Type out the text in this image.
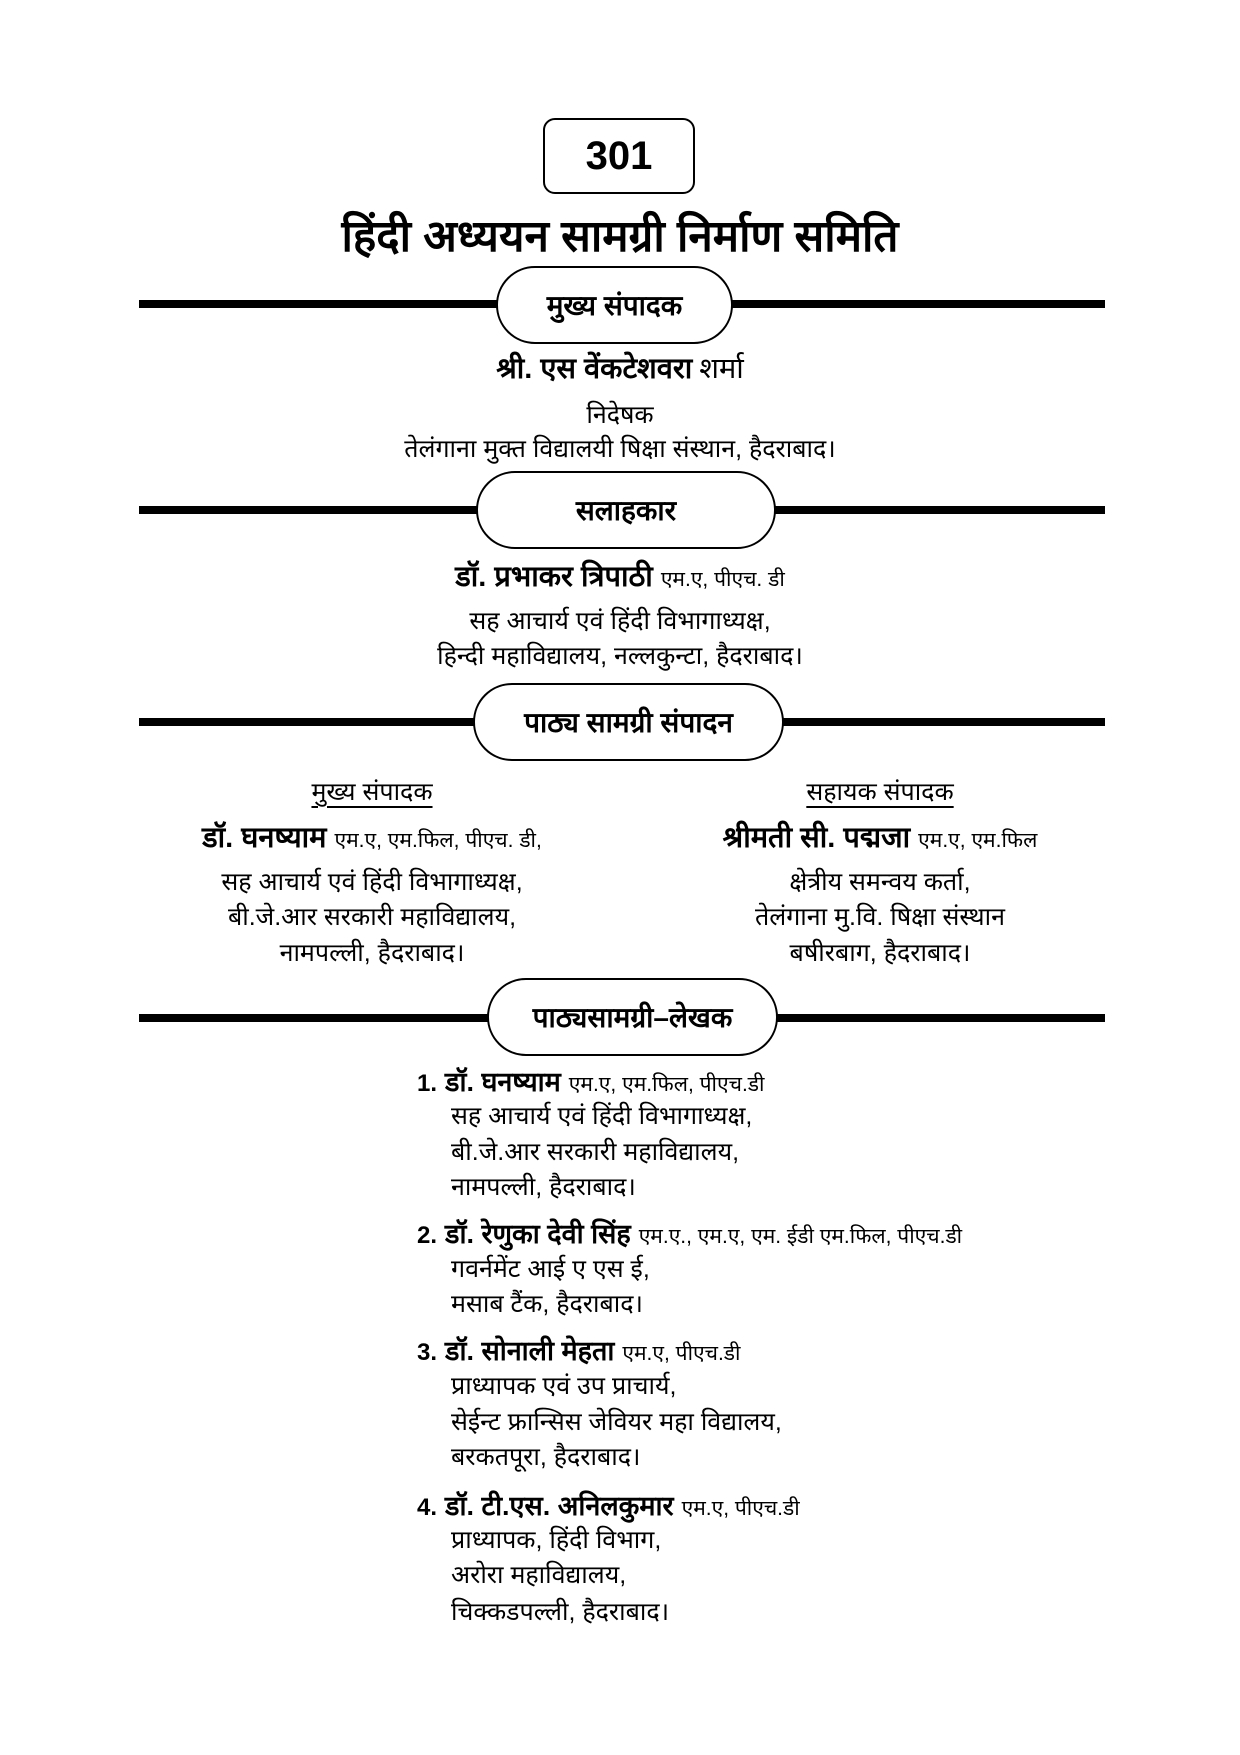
301
हिंदी अध्ययन सामग्री निर्माण समिति
मुख्य संपादक
श्री. एस वेंकटेशवरा शर्मा
निदेषक
तेलंगाना मुक्त विद्यालयी षिक्षा संस्थान, हैदराबाद।
सलाहकार
डॉ. प्रभाकर त्रिपाठी एम.ए, पीएच. डी
सह आचार्य एवं हिंदी विभागाध्यक्ष,
हिन्दी महाविद्यालय, नल्लकुन्टा, हैदराबाद।
पाठ्य सामग्री संपादन
मुख्य संपादक
डॉ. घनष्याम एम.ए, एम.फिल, पीएच. डी,
सह आचार्य एवं हिंदी विभागाध्यक्ष,
बी.जे.आर सरकारी महाविद्यालय,
नामपल्ली, हैदराबाद।
सहायक संपादक
श्रीमती सी. पद्मजा एम.ए, एम.फिल
क्षेत्रीय समन्वय कर्ता,
तेलंगाना मु.वि. षिक्षा संस्थान
बषीरबाग, हैदराबाद।
पाठ्यसामग्री–लेखक
1. डॉ. घनष्याम एम.ए, एम.फिल, पीएच.डी
सह आचार्य एवं हिंदी विभागाध्यक्ष,
बी.जे.आर सरकारी महाविद्यालय,
नामपल्ली, हैदराबाद।
2. डॉ. रेणुका देवी सिंह एम.ए., एम.ए, एम. ईडी एम.फिल, पीएच.डी
गवर्नमेंट आई ए एस ई,
मसाब टैंक, हैदराबाद।
3. डॉ. सोनाली मेहता एम.ए, पीएच.डी
प्राध्यापक एवं उप प्राचार्य,
सेईन्ट फ्रान्सिस जेवियर महा विद्यालय,
बरकतपूरा, हैदराबाद।
4. डॉ. टी.एस. अनिलकुमार एम.ए, पीएच.डी
प्राध्यापक, हिंदी विभाग,
अरोरा महाविद्यालय,
चिक्कडपल्ली, हैदराबाद।
